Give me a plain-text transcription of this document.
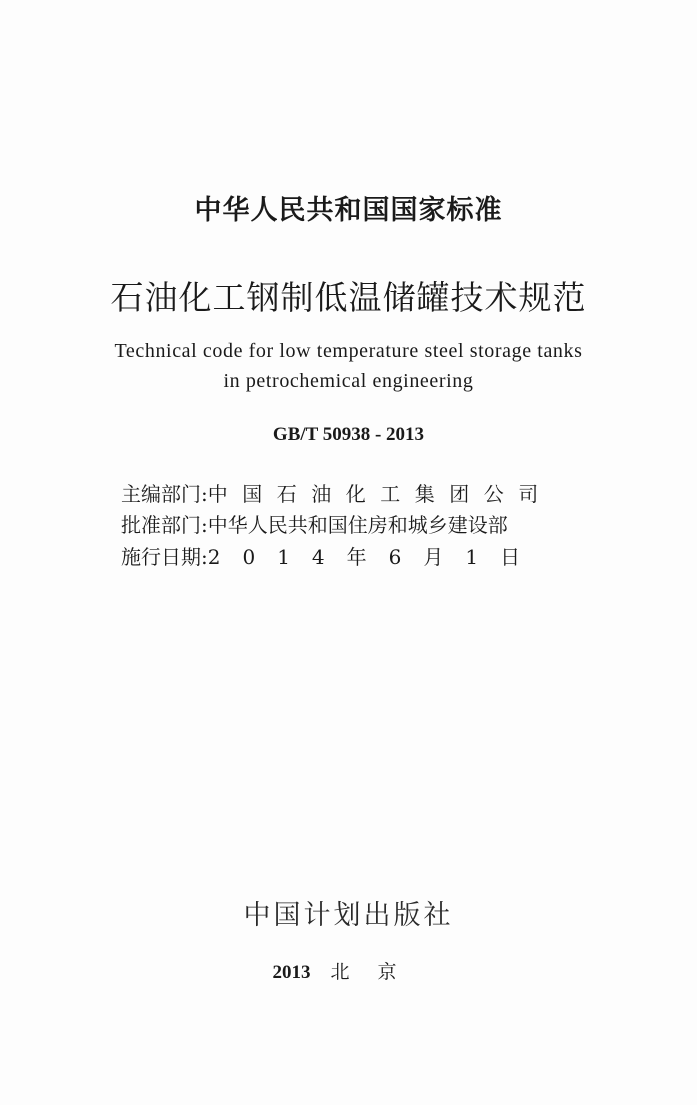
中华人民共和国国家标准
石油化工钢制低温储罐技术规范
Technical code for low temperature steel storage tanks
in petrochemical engineering
GB/T 50938 - 2013
主编部门: 中国石油化工集团公司
批准部门: 中华人民共和国住房和城乡建设部
施行日期: 2014年6月1日
中国计划出版社
2013 北京
